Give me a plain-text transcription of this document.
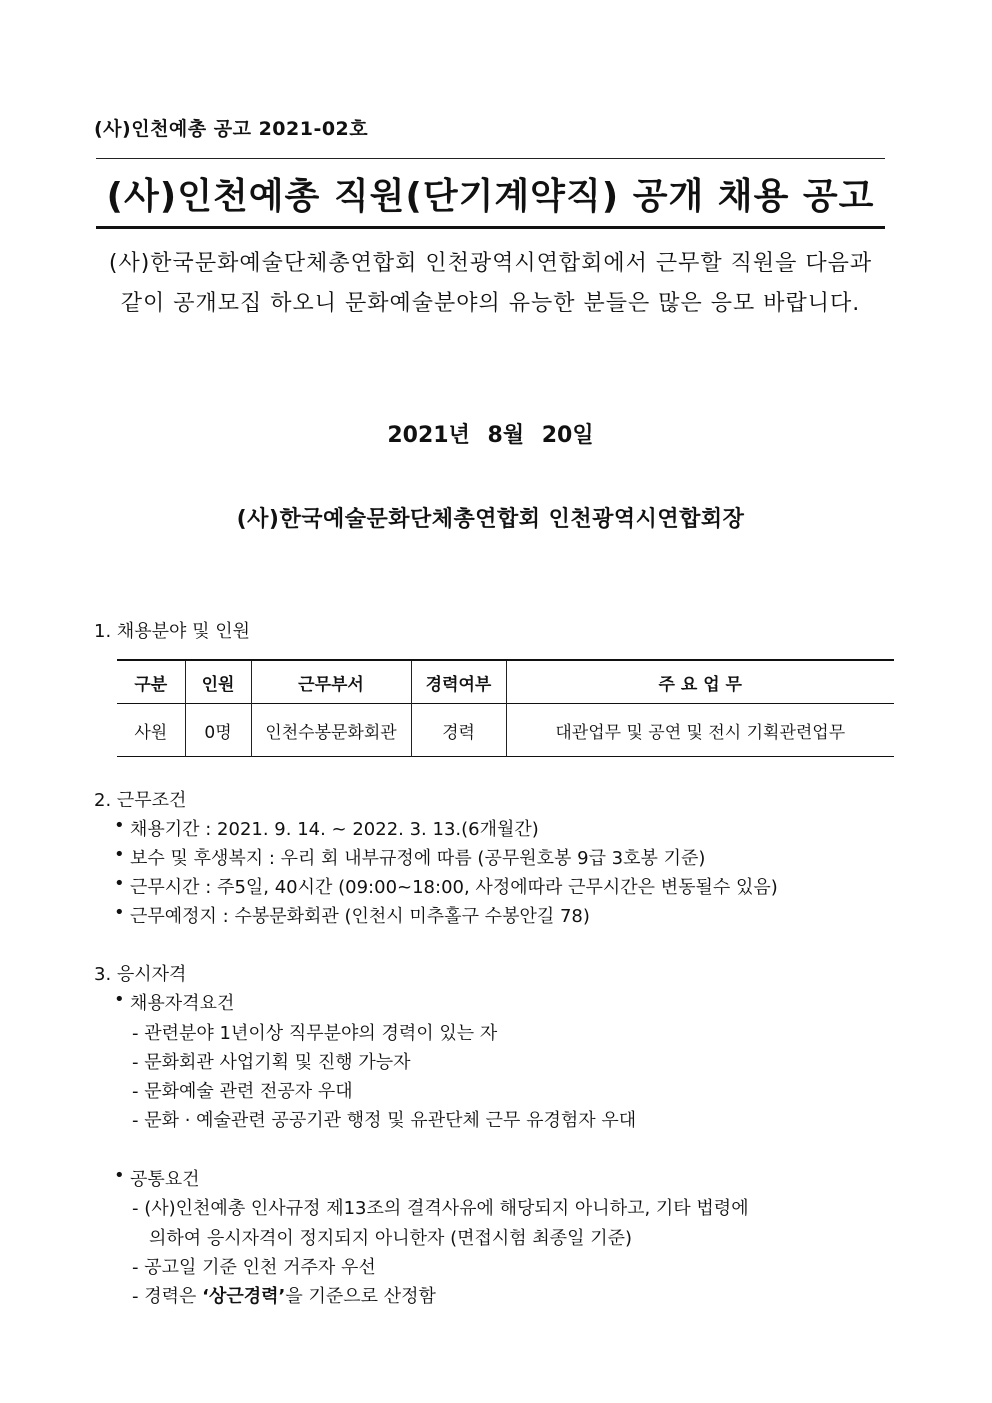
(사)인천예총 공고 2021-02호
(사)인천예총 직원(단기계약직) 공개 채용 공고
(사)한국문화예술단체총연합회 인천광역시연합회에서 근무할 직원을 다음과
같이 공개모집 하오니 문화예술분야의 유능한 분들은 많은 응모 바랍니다.
2021년 8월 20일
(사)한국예술문화단체총연합회 인천광역시연합회장
1. 채용분야 및 인원
구분	인원	근무부서	경력여부	주 요 업 무
사원	0명	인천수봉문화회관	경력	대관업무 및 공연 및 전시 기획관련업무
2. 근무조건
• 채용기간 : 2021. 9. 14. ~ 2022. 3. 13.(6개월간)
• 보수 및 후생복지 : 우리 회 내부규정에 따름 (공무원호봉 9급 3호봉 기준)
• 근무시간 : 주5일, 40시간 (09:00~18:00, 사정에따라 근무시간은 변동될수 있음)
• 근무예정지 : 수봉문화회관 (인천시 미추홀구 수봉안길 78)
3. 응시자격
• 채용자격요건
- 관련분야 1년이상 직무분야의 경력이 있는 자
- 문화회관 사업기획 및 진행 가능자
- 문화예술 관련 전공자 우대
- 문화 · 예술관련 공공기관 행정 및 유관단체 근무 유경험자 우대
• 공통요건
- (사)인천예총 인사규정 제13조의 결격사유에 해당되지 아니하고, 기타 법령에
의하여 응시자격이 정지되지 아니한자 (면접시험 최종일 기준)
- 공고일 기준 인천 거주자 우선
- 경력은 ‘상근경력’을 기준으로 산정함
